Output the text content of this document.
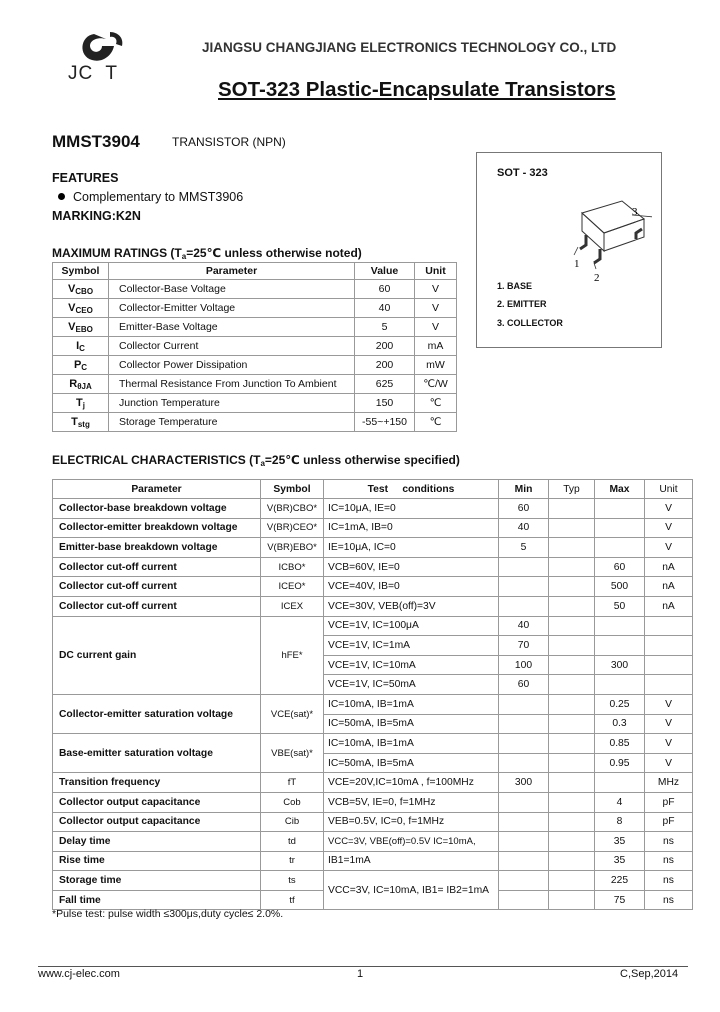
JC  T
JIANGSU CHANGJIANG ELECTRONICS TECHNOLOGY CO., LTD
SOT-323 Plastic-Encapsulate Transistors
MMST3904	TRANSISTOR (NPN)
FEATURES
Complementary to MMST3906
MARKING:K2N
SOT - 323
1
2
3
1. BASE
2. EMITTER
3. COLLECTOR
MAXIMUM RATINGS ($T_a=25℃$ unless otherwise noted)
Symbol	Parameter	Value	Unit
$V_{CBO}$	Collector-Base Voltage	60	V
$V_{CEO}$	Collector-Emitter Voltage	40	V
$V_{EBO}$	Emitter-Base Voltage	5	V
$I_C$	Collector Current	200	mA
$P_C$	Collector Power Dissipation	200	mW
$R_{\theta JA}$	Thermal Resistance From Junction To Ambient	625	℃/W
$T_j$	Junction Temperature	150	℃
$T_{stg}$	Storage Temperature	-55~+150	℃
ELECTRICAL CHARACTERISTICS ($T_a=25℃$ unless otherwise specified)
Parameter	Symbol	Test     conditions	Min	Typ	Max	Unit
Collector-base breakdown voltage	V(BR)CBO*	IC=10μA, IE=0	60			V
Collector-emitter breakdown voltage	V(BR)CEO*	IC=1mA, IB=0	40			V
Emitter-base breakdown voltage	V(BR)EBO*	IE=10μA, IC=0	5			V
Collector cut-off current	ICBO*	VCB=60V, IE=0			60	nA
Collector cut-off current	ICEO*	VCE=40V, IB=0			500	nA
Collector cut-off current	ICEX	VCE=30V, VEB(off)=3V			50	nA
DC current gain	hFE*	VCE=1V, IC=100μA	40			
		VCE=1V, IC=1mA	70			
		VCE=1V, IC=10mA	100		300	
		VCE=1V, IC=50mA	60			
Collector-emitter saturation voltage	VCE(sat)*	IC=10mA, IB=1mA			0.25	V
		IC=50mA, IB=5mA			0.3	V
Base-emitter saturation voltage	VBE(sat)*	IC=10mA, IB=1mA			0.85	V
		IC=50mA, IB=5mA			0.95	V
Transition frequency	fT	VCE=20V,IC=10mA , f=100MHz	300			MHz
Collector output capacitance	Cob	VCB=5V, IE=0, f=1MHz			4	pF
Collector output capacitance	Cib	VEB=0.5V, IC=0, f=1MHz			8	pF
Delay time	td	VCC=3V, VBE(off)=0.5V IC=10mA,			35	ns
Rise time	tr	IB1=1mA			35	ns
Storage time	ts	VCC=3V, IC=10mA, IB1= IB2=1mA			225	ns
Fall time	tf				75	ns
*Pulse test: pulse width ≤300μs,duty cycle≤ 2.0%.
www.cj-elec.com	1	C,Sep,2014
